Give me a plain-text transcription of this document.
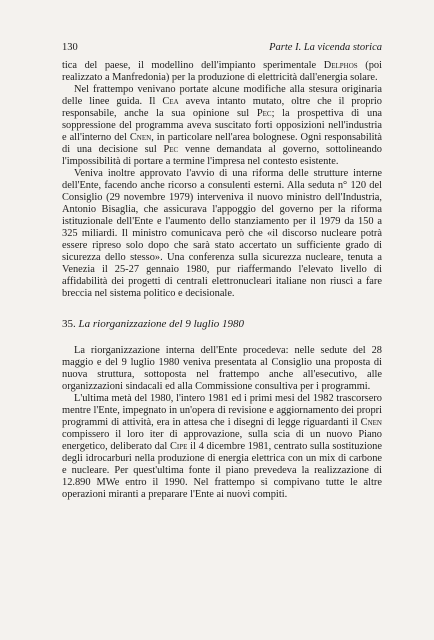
130	Parte I. La vicenda storica

tica del paese, il modellino dell'impianto sperimentale Delphos (poi realizzato a Manfredonia) per la produzione di elettricità dall'energia solare.

Nel frattempo venivano portate alcune modifiche alla stesura originaria delle linee guida. Il Cea aveva intanto mutato, oltre che il proprio responsabile, anche la sua opinione sul Pec; la prospettiva di una soppressione del programma aveva suscitato forti opposizioni nell'industria e all'interno del Cnen, in particolare nell'area bolognese. Ogni responsabilità di una decisione sul Pec venne demandata al governo, sottolineando l'impossibilità di portare a termine l'impresa nel contesto esistente.

Veniva inoltre approvato l'avvio di una riforma delle strutture interne dell'Ente, facendo anche ricorso a consulenti esterni. Alla seduta n° 120 del Consiglio (29 novembre 1979) interveniva il nuovo ministro dell'Industria, Antonio Bisaglia, che assicurava l'appoggio del governo per la riforma istituzionale dell'Ente e l'aumento dello stanziamento per il 1979 da 150 a 325 miliardi. Il ministro comunicava però che «il discorso nucleare potrà essere ripreso solo dopo che sarà stato accertato un sufficiente grado di sicurezza dello stesso». Una conferenza sulla sicurezza nucleare, tenuta a Venezia il 25-27 gennaio 1980, pur riaffermando l'elevato livello di affidabilità dei progetti di centrali elettronucleari italiane non riuscì a fare breccia nel sistema politico e decisionale.

35. La riorganizzazione del 9 luglio 1980

La riorganizzazione interna dell'Ente procedeva: nelle sedute del 28 maggio e del 9 luglio 1980 veniva presentata al Consiglio una proposta di nuova struttura, sottoposta nel frattempo anche all'esecutivo, alle organizzazioni sindacali ed alla Commissione consultiva per i programmi.

L'ultima metà del 1980, l'intero 1981 ed i primi mesi del 1982 trascorsero mentre l'Ente, impegnato in un'opera di revisione e aggiornamento dei propri programmi di attività, era in attesa che i disegni di legge riguardanti il Cnen compissero il loro iter di approvazione, sulla scia di un nuovo Piano energetico, deliberato dal Cipe il 4 dicembre 1981, centrato sulla sostituzione degli idrocarburi nella produzione di energia elettrica con un mix di carbone e nucleare. Per quest'ultima fonte il piano prevedeva la realizzazione di 12.890 MWe entro il 1990. Nel frattempo si compivano tutte le altre operazioni miranti a preparare l'Ente ai nuovi compiti.
